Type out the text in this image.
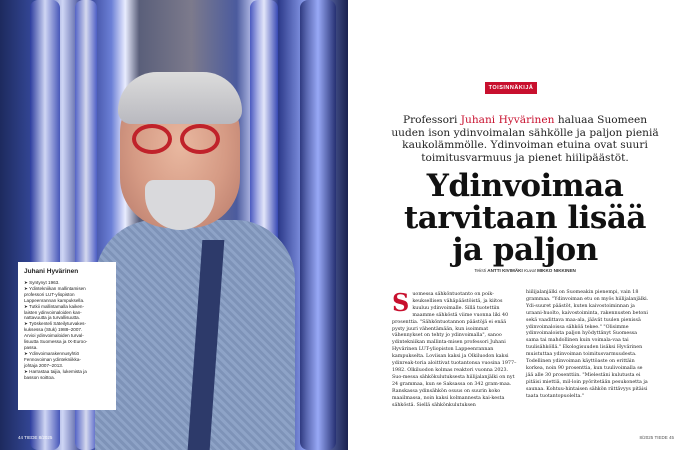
Juhani Hyvärinen
➤ Syntynyt 1963.
➤ Ydintekniikan mallintamisen
professori LUT-yliopiston
Lappeenrannan kampuksella.
➤ Tutkii mallintamalla kaiken-
laisten ydinvoimaloiden kan-
nattavuutta ja turvallisuutta.
➤ Työskenteli Säteilyturvakes-
kuksessa (Stuk) 1988–2007.
Arvioi ydinvoimaloiden turval-
lisuutta Suomessa ja IX-Euroo-
passa.
➤ Ydinvoimarakennusyhtiö
Fennovoiman ydintekniikka-
johtaja 2007–2013.
➤ Harrastaa taijia, lukemista ja
basson soittoa.
44 TIEDE 8/2025
TOISINNÄKIJÄ
Professori Juhani Hyvärinen haluaa Suomeen uuden ison ydinvoimalan sähkölle ja paljon pieniä kaukolämmölle. Ydinvoiman etuina ovat suuri toimitusvarmuus ja pienet hiilipäästöt.
Ydinvoimaa tarvitaan lisää ja paljon
Teksti ANTTI KIVIMÄKI Kuvat MIKKO NIKKINEN
S uomessa sähköntuotanto on poik-keuksellisen vähäpäästöistä, ja kiitos kuuluu ydinvoimalle. Sillä tuotettiin maamme sähköstä viime vuonna liki 40 prosenttia. "Sähköntuotannon päästöjä ei enää pysty juuri vähentämään, kun isoimmat vähennykset on tehty jo ydinvoimalla", sanoo ydintekniikan mallinta-misen professori Juhani Hyvärinen LUT-yliopiston Lappeenrannan kampukselta. Loviisan kaksi ja Olkiluodon kaksi ydinreak-toria aloittivat tuotantonsa vuosina 1977–1982. Olkiluodon kolmas reaktori vuonna 2023. Suo-messa sähkökulutuksesta hiilijalanjälki on nyt 24 grammaa, kun se Saksassa on 342 gram-maa. Ranskassa ydinsähkön osuus on suurin koko maailmassa, noin kaksi kolmannesta kai-kesta sähköstä. Siellä sähkönkulutuksen

hiilijalanjälki on Suomeakin pienempi, vain 18 grammaa. "Ydinvoiman etu on myös hiilijalanjälki. Ydi-suuret päästöt, kuten kaivostoiminnan ja uraani-huolto, kaivostoiminta, rakennusten betoni sekä vaadittava maa-ala, jäävät tuulen pienissä ydinvoimaloissa sähköä tekee." "Olisimme ydinvoimaloista paljon hyödyttänyt Suomessa sama tai mahdollinen kuin voimala-vaa tai tuulisähköllä." Ekologisuuden lisäksi Hyvärinen muistuttaa ydinvoiman toimitusvarmuudesta. Todellinen ydinvoiman käyttöaste on erittäin korkea, noin 90 prosenttia, kun tuulivoimalla se jää alle 30 prosenttiin. "Mielestäni kulutusta ei pitäisi miettiä, mil-loin pyöritetään pesukonetta ja saunaa. Kohtuu-hintaisen sähkön riittävyys pitäisi taata tuotantopuolelta."

8/2025 TIEDE 45
